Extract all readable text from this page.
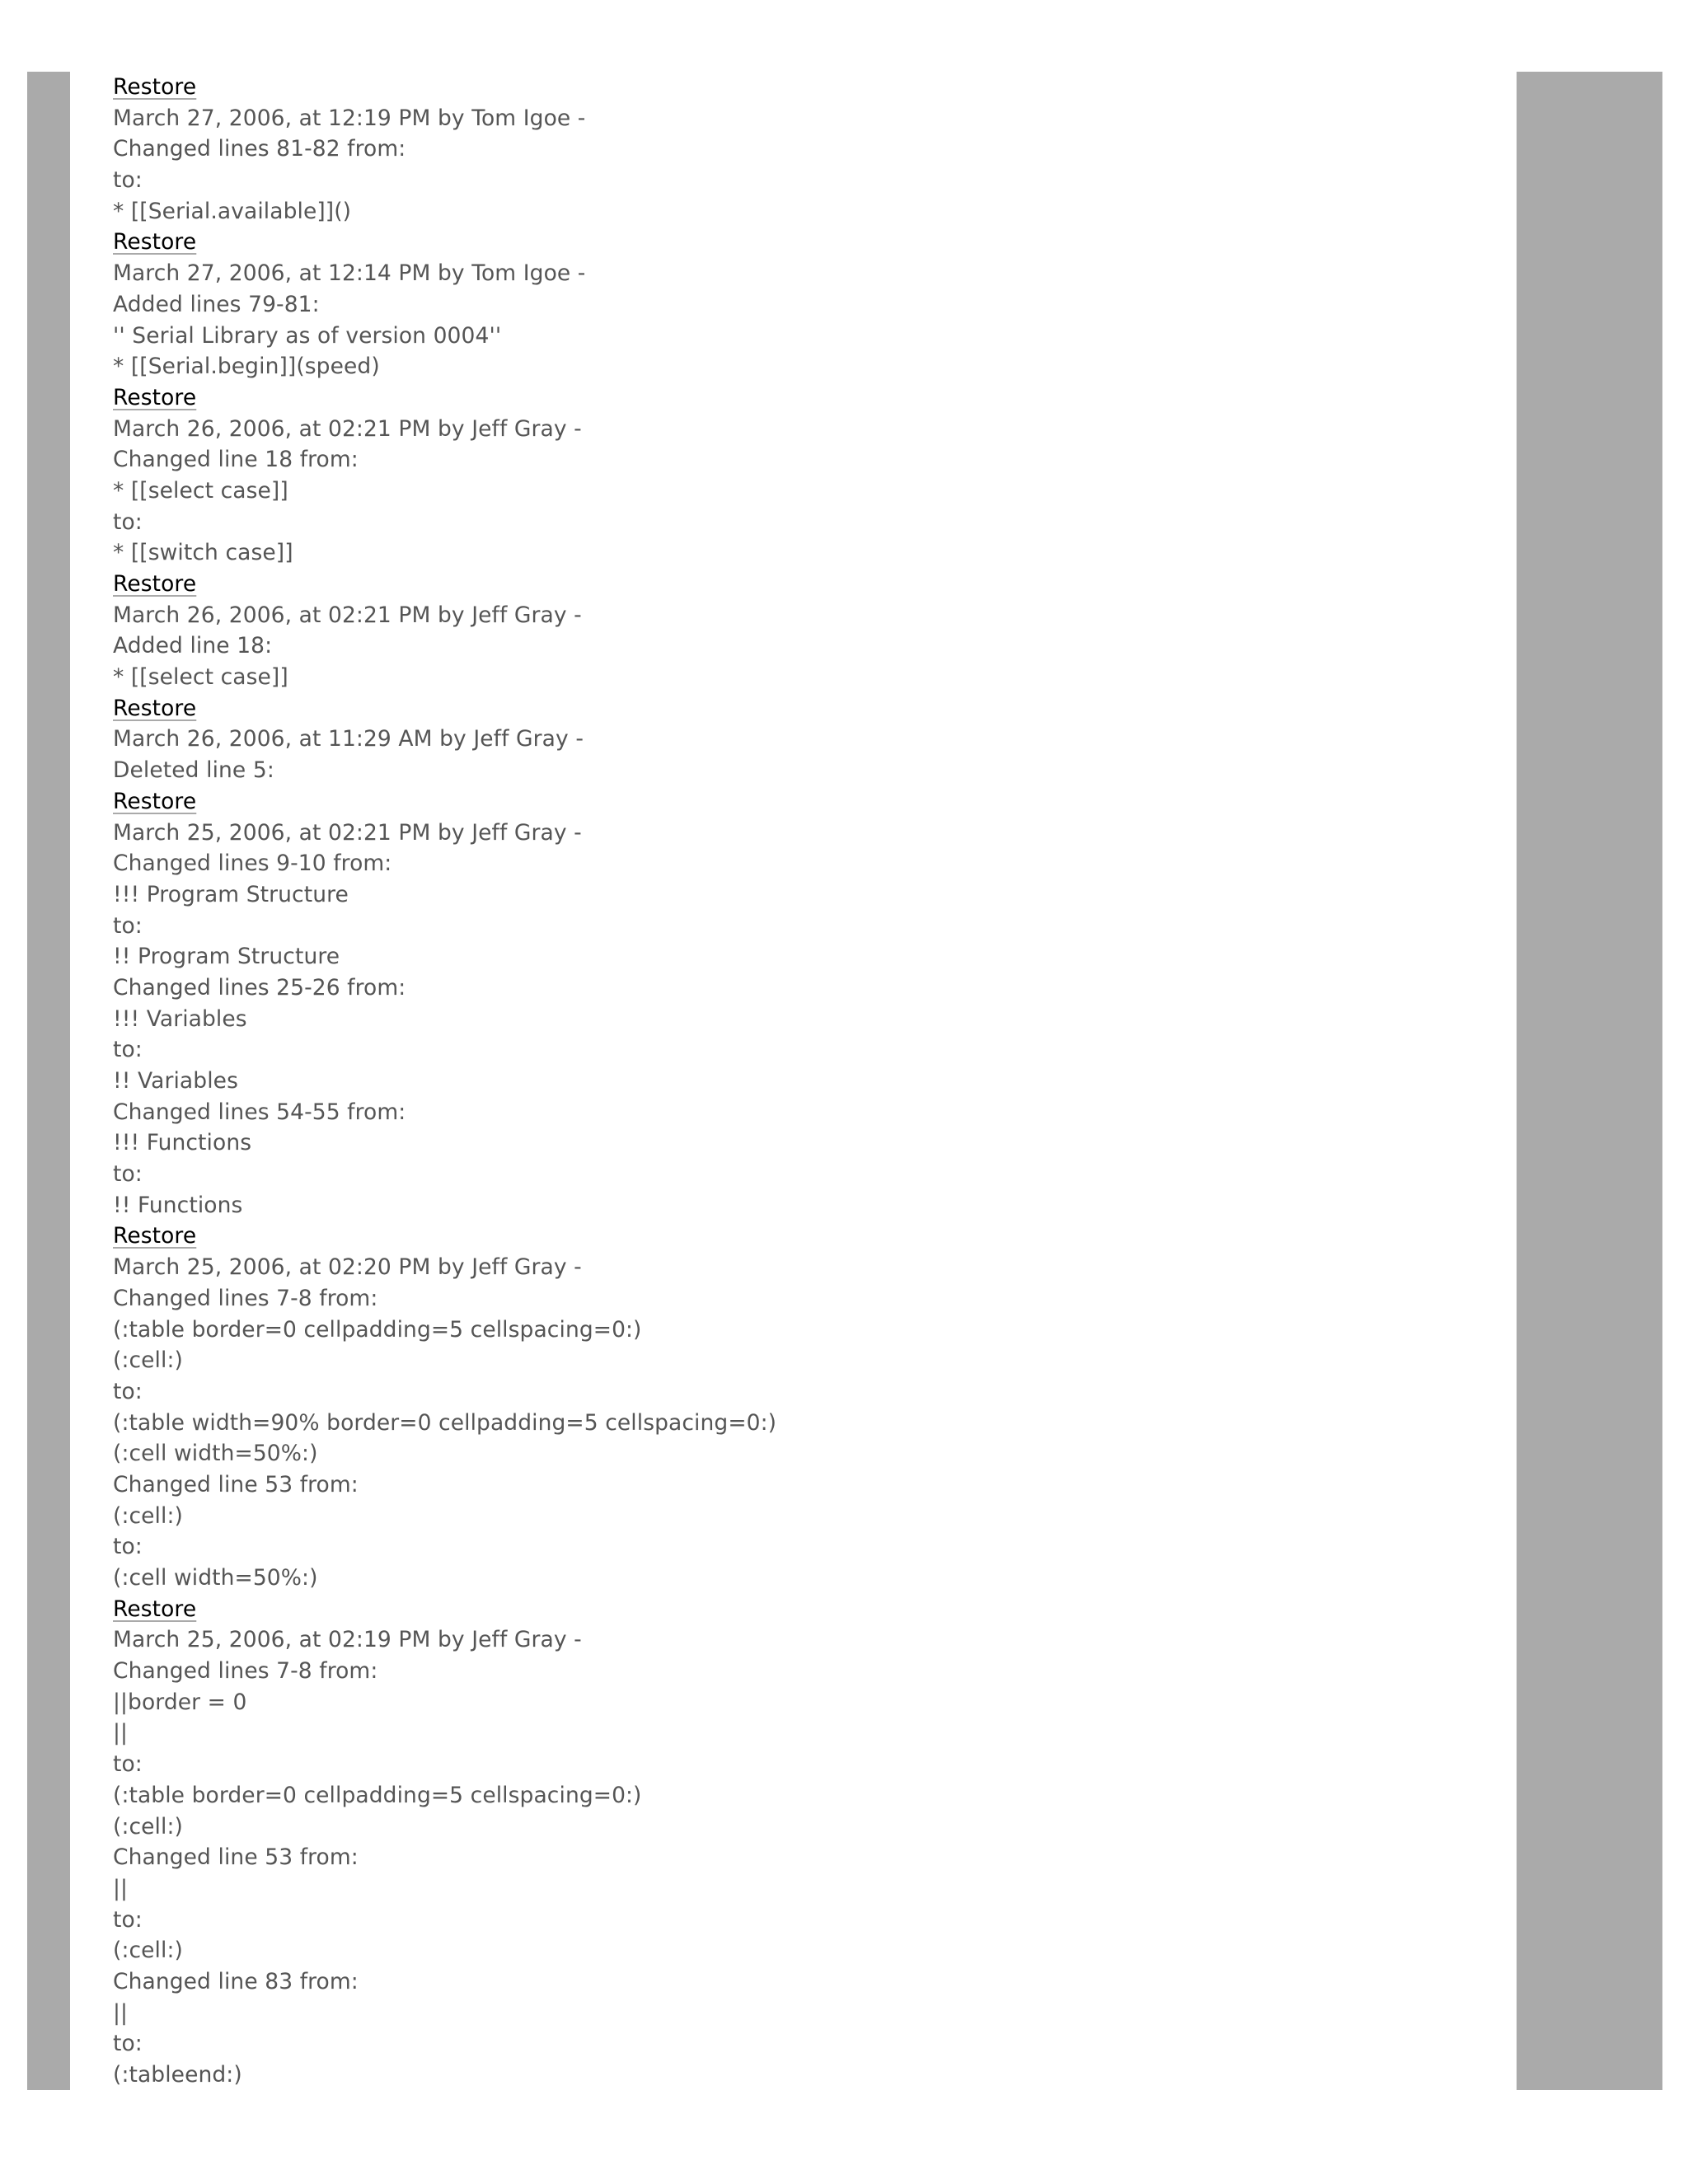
Restore
March 27, 2006, at 12:19 PM by Tom Igoe -
Changed lines 81-82 from:
to:
* [[Serial.available]]()
Restore
March 27, 2006, at 12:14 PM by Tom Igoe -
Added lines 79-81:
'' Serial Library as of version 0004''
* [[Serial.begin]](speed)
Restore
March 26, 2006, at 02:21 PM by Jeff Gray -
Changed line 18 from:
* [[select case]]
to:
* [[switch case]]
Restore
March 26, 2006, at 02:21 PM by Jeff Gray -
Added line 18:
* [[select case]]
Restore
March 26, 2006, at 11:29 AM by Jeff Gray -
Deleted line 5:
Restore
March 25, 2006, at 02:21 PM by Jeff Gray -
Changed lines 9-10 from:
!!! Program Structure
to:
!! Program Structure
Changed lines 25-26 from:
!!! Variables
to:
!! Variables
Changed lines 54-55 from:
!!! Functions
to:
!! Functions
Restore
March 25, 2006, at 02:20 PM by Jeff Gray -
Changed lines 7-8 from:
(:table border=0 cellpadding=5 cellspacing=0:)
(:cell:)
to:
(:table width=90% border=0 cellpadding=5 cellspacing=0:)
(:cell width=50%:)
Changed line 53 from:
(:cell:)
to:
(:cell width=50%:)
Restore
March 25, 2006, at 02:19 PM by Jeff Gray -
Changed lines 7-8 from:
||border = 0
||
to:
(:table border=0 cellpadding=5 cellspacing=0:)
(:cell:)
Changed line 53 from:
||
to:
(:cell:)
Changed line 83 from:
||
to:
(:tableend:)
